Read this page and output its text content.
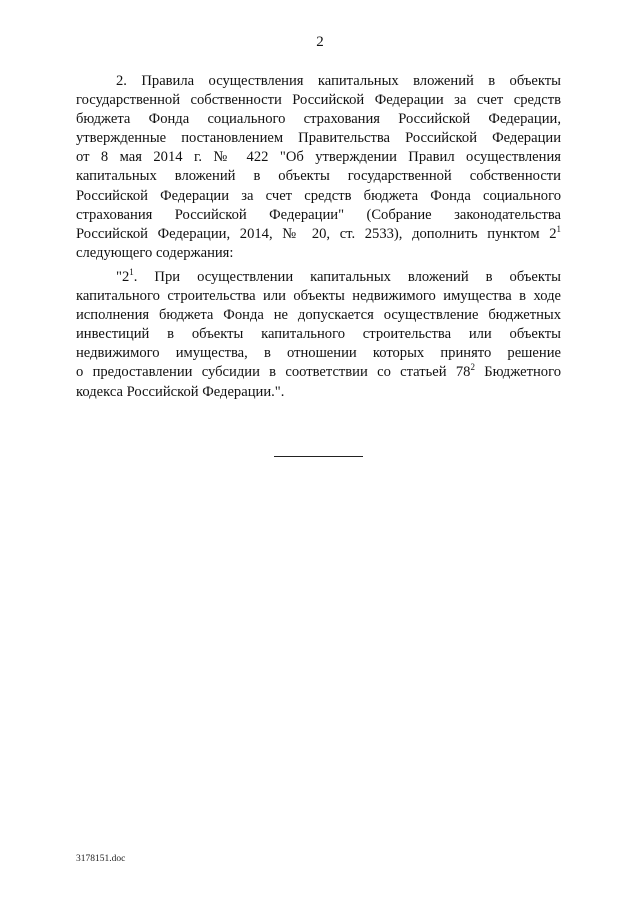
2
2. Правила осуществления капитальных вложений в объекты
государственной собственности Российской Федерации за счет средств
бюджета Фонда социального страхования Российской Федерации,
утвержденные постановлением Правительства Российской Федерации
от 8 мая 2014 г. № 422 "Об утверждении Правил осуществления
капитальных вложений в объекты государственной собственности
Российской Федерации за счет средств бюджета Фонда социального
страхования Российской Федерации" (Собрание законодательства
Российской Федерации, 2014, № 20, ст. 2533), дополнить пунктом $2^1$
следующего содержания:
"$2^1$. При осуществлении капитальных вложений в объекты
капитального строительства или объекты недвижимого имущества в ходе
исполнения бюджета Фонда не допускается осуществление бюджетных
инвестиций в объекты капитального строительства или объекты
недвижимого имущества, в отношении которых принято решение
о предоставлении субсидии в соответствии со статьей $78^2$ Бюджетного
кодекса Российской Федерации.".
3178151.doc
